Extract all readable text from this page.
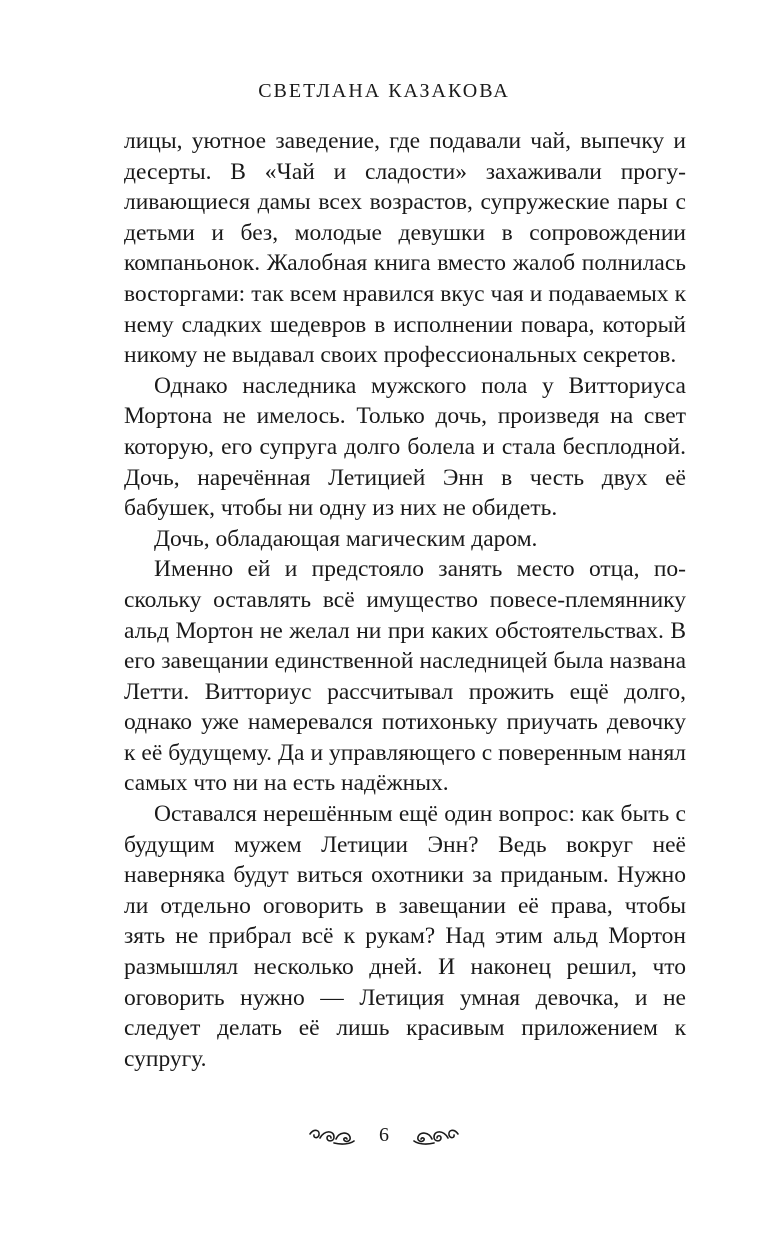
СВЕТЛАНА КАЗАКОВА

лицы, уютное заведение, где подавали чай, выпечку и десерты. В «Чай и сладости» захаживали прогуливающиеся дамы всех возрастов, супружеские пары с детьми и без, молодые девушки в сопровождении компаньонок. Жалобная книга вместо жалоб полнилась восторгами: так всем нравился вкус чая и подаваемых к нему сладких шедевров в исполнении повара, который никому не выдавал своих профессиональных секретов.

Однако наследника мужского пола у Витториуса Мортона не имелось. Только дочь, произведя на свет которую, его супруга долго болела и стала бесплодной. Дочь, наречённая Летицией Энн в честь двух её бабушек, чтобы ни одну из них не обидеть.

Дочь, обладающая магическим даром.

Именно ей и предстояло занять место отца, поскольку оставлять всё имущество повесе-племяннику альд Мортон не желал ни при каких обстоятельствах. В его завещании единственной наследницей была названа Летти. Витториус рассчитывал прожить ещё долго, однако уже намеревался потихоньку приучать девочку к её будущему. Да и управляющего с поверенным нанял самых что ни на есть надёжных.

Оставался нерешённым ещё один вопрос: как быть с будущим мужем Летиции Энн? Ведь вокруг неё наверняка будут виться охотники за приданым. Нужно ли отдельно оговорить в завещании её права, чтобы зять не прибрал всё к рукам? Над этим альд Мортон размышлял несколько дней. И наконец решил, что оговорить нужно — Летиция умная девочка, и не следует делать её лишь красивым приложением к супругу.

6
